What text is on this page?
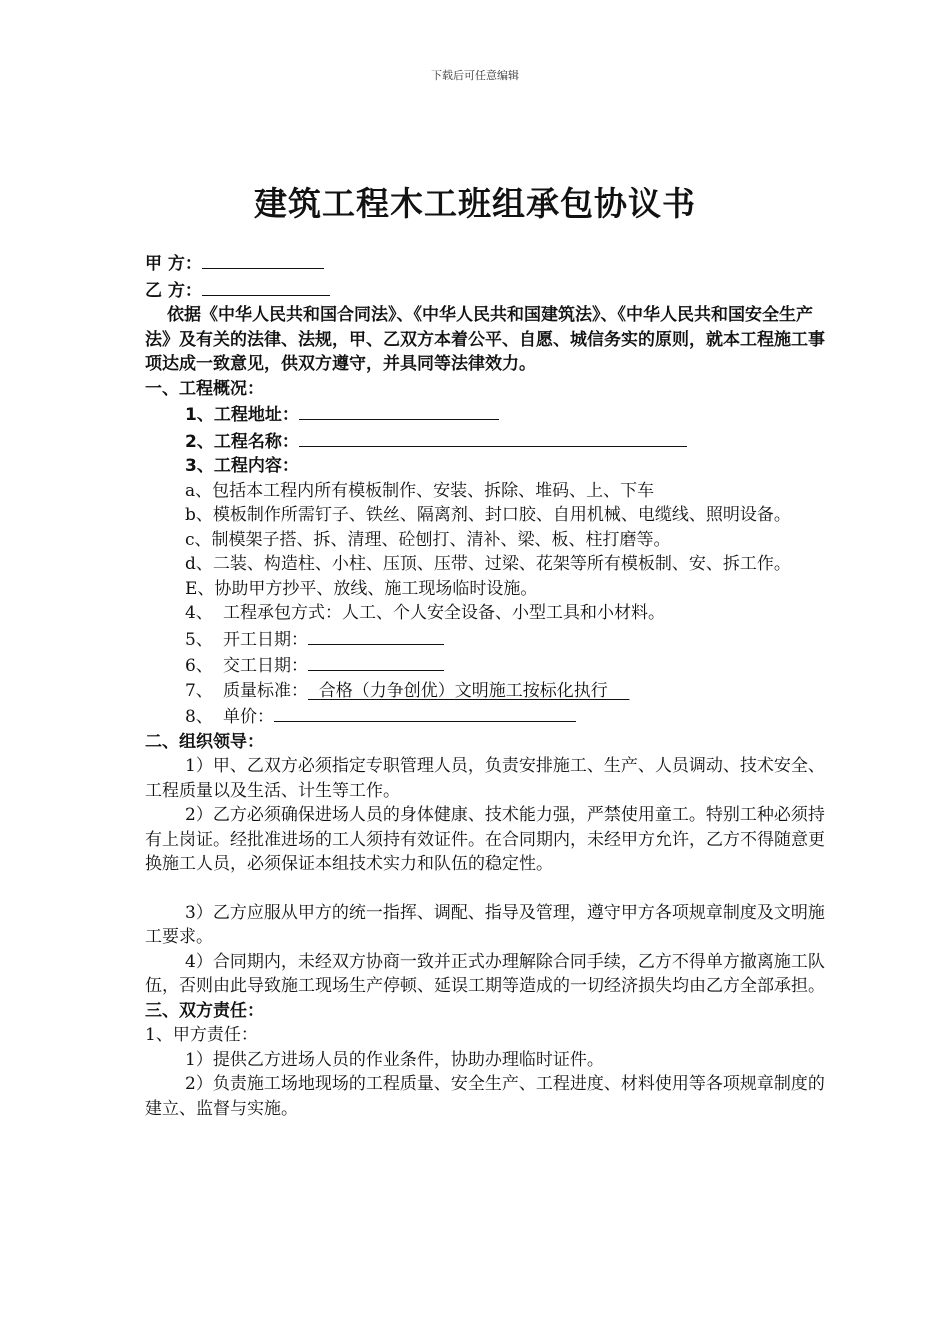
下载后可任意编辑
建筑工程木工班组承包协议书
甲 方：
乙 方：
依据《中华人民共和国合同法》、《中华人民共和国建筑法》、《中华人民共和国安全生产法》及有关的法律、法规，甲、乙双方本着公平、自愿、城信务实的原则，就本工程施工事项达成一致意见，供双方遵守，并具同等法律效力。
一、工程概况：
1、工程地址：
2、工程名称：
3、工程内容：
a、包括本工程内所有模板制作、安装、拆除、堆码、上、下车
b、模板制作所需钉子、铁丝、隔离剂、封口胶、自用机械、电缆线、照明设备。
c、制模架子搭、拆、清理、砼刨打、清补、梁、板、柱打磨等。
d、二装、构造柱、小柱、压顶、压带、过梁、花架等所有模板制、安、拆工作。
E、协助甲方抄平、放线、施工现场临时设施。
4、 工程承包方式：人工、个人安全设备、小型工具和小材料。
5、 开工日期：
6、 交工日期：
7、 质量标准：  合格（力争创优）文明施工按标化执行
8、 单价：
二、组织领导：
1）甲、乙双方必须指定专职管理人员，负责安排施工、生产、人员调动、技术安全、工程质量以及生活、计生等工作。
2）乙方必须确保进场人员的身体健康、技术能力强，严禁使用童工。特别工种必须持有上岗证。经批准进场的工人须持有效证件。在合同期内，未经甲方允许，乙方不得随意更换施工人员，必须保证本组技术实力和队伍的稳定性。
3）乙方应服从甲方的统一指挥、调配、指导及管理，遵守甲方各项规章制度及文明施工要求。
4）合同期内，未经双方协商一致并正式办理解除合同手续，乙方不得单方撤离施工队伍，否则由此导致施工现场生产停顿、延误工期等造成的一切经济损失均由乙方全部承担。
三、双方责任：
1、甲方责任：
1）提供乙方进场人员的作业条件，协助办理临时证件。
2）负责施工场地现场的工程质量、安全生产、工程进度、材料使用等各项规章制度的建立、监督与实施。
